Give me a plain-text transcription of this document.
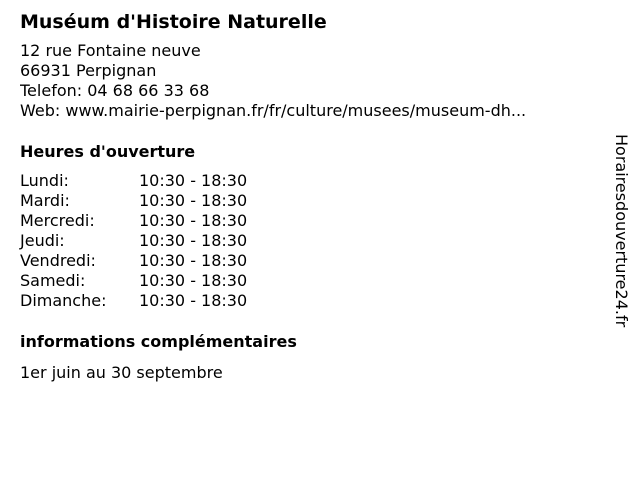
Muséum d'Histoire Naturelle
12 rue Fontaine neuve
66931 Perpignan
Telefon: 04 68 66 33 68
Web: www.mairie-perpignan.fr/fr/culture/musees/museum-dh...
Heures d'ouverture
Lundi:	10:30 - 18:30
Mardi:	10:30 - 18:30
Mercredi:	10:30 - 18:30
Jeudi:	10:30 - 18:30
Vendredi:	10:30 - 18:30
Samedi:	10:30 - 18:30
Dimanche:	10:30 - 18:30
informations complémentaires
1er juin au 30 septembre
Horairesdouverture24.fr
